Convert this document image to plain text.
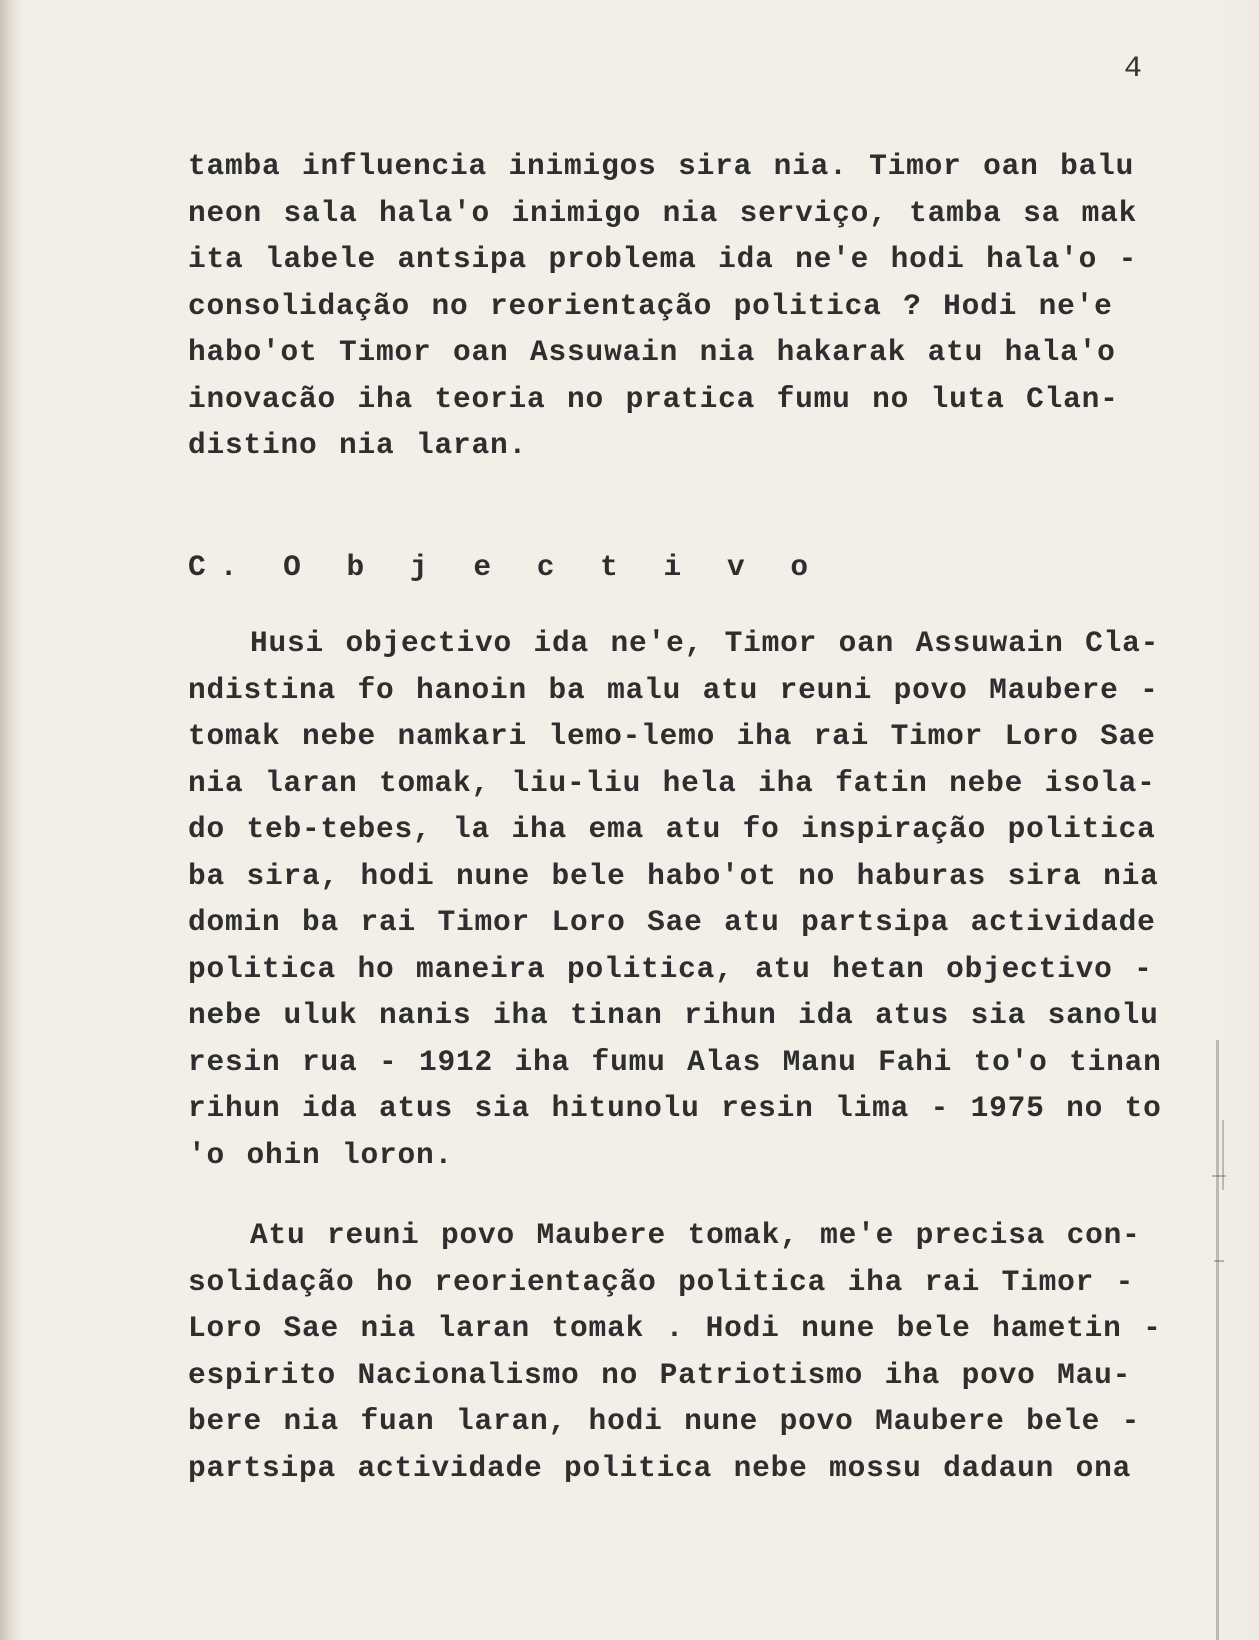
4
tamba influencia inimigos sira nia. Timor oan balu
neon sala hala'o inimigo nia serviço, tamba sa mak
ita labele antsipa problema ida ne'e hodi hala'o -
consolidação no reorientação politica ? Hodi ne'e
habo'ot Timor oan Assuwain nia hakarak atu hala'o
inovacão iha teoria no pratica fumu no luta Clan-
distino nia laran.
C. O b j e c t i v o
Husi objectivo ida ne'e, Timor oan Assuwain Cla-
ndistina fo hanoin ba malu atu reuni povo Maubere -
tomak nebe namkari lemo-lemo iha rai Timor Loro Sae
nia laran tomak, liu-liu hela iha fatin nebe isola-
do teb-tebes, la iha ema atu fo inspiração politica
ba sira, hodi nune bele habo'ot no haburas sira nia
domin ba rai Timor Loro Sae atu partsipa actividade
politica ho maneira politica, atu hetan objectivo -
nebe uluk nanis iha tinan rihun ida atus sia sanolu
resin rua - 1912 iha fumu Alas Manu Fahi to'o tinan
rihun ida atus sia hitunolu resin lima - 1975 no to
'o ohin loron.
Atu reuni povo Maubere tomak, me'e precisa con-
solidação ho reorientação politica iha rai Timor -
Loro Sae nia laran tomak . Hodi nune bele hametin -
espirito Nacionalismo no Patriotismo iha povo Mau-
bere nia fuan laran, hodi nune povo Maubere bele -
partsipa actividade politica nebe mossu dadaun ona
